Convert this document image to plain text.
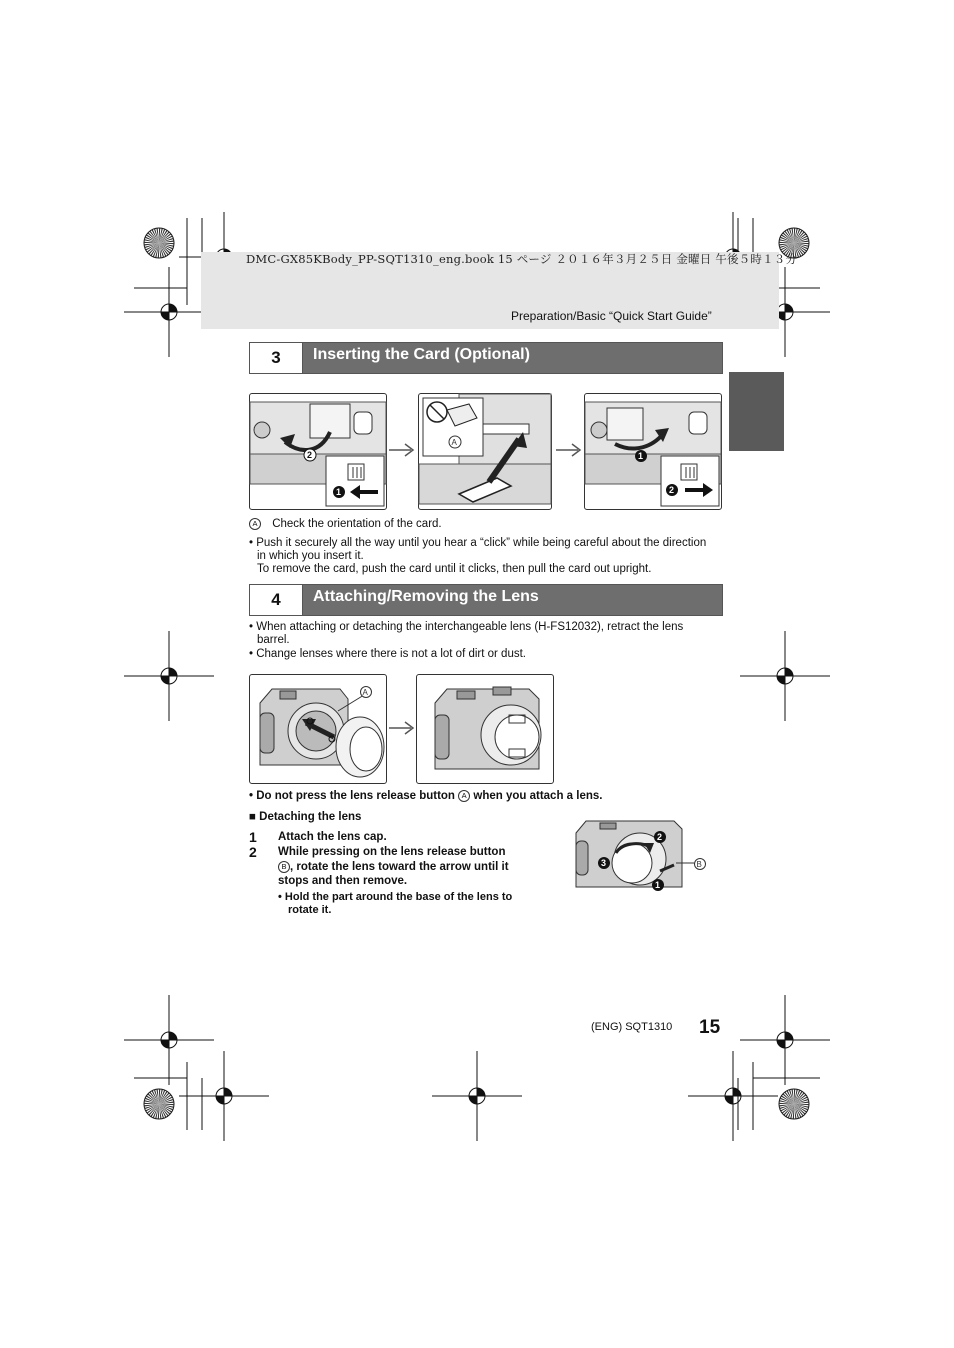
DMC-GX85KBody_PP-SQT1310_eng.book 15 ページ ２０１６年３月２５日 金曜日 午後５時１３分
Preparation/Basic “Quick Start Guide”
3	Inserting the Card (Optional)
1
2
A
1
2
A Check the orientation of the card.
• Push it securely all the way until you hear a “click” while being careful about the direction
in which you insert it.
To remove the card, push the card until it clicks, then pull the card out upright.
4	Attaching/Removing the Lens
• When attaching or detaching the interchangeable lens (H-FS12032), retract the lens
barrel.
• Change lenses where there is not a lot of dirt or dust.
A
• Do not press the lens release button A when you attach a lens.
■ Detaching the lens
1 Attach the lens cap.
2 While pressing on the lens release button
B , rotate the lens toward the arrow until it
stops and then remove.
• Hold the part around the base of the lens to
rotate it.
2
3
1
B
(ENG) SQT1310 15
